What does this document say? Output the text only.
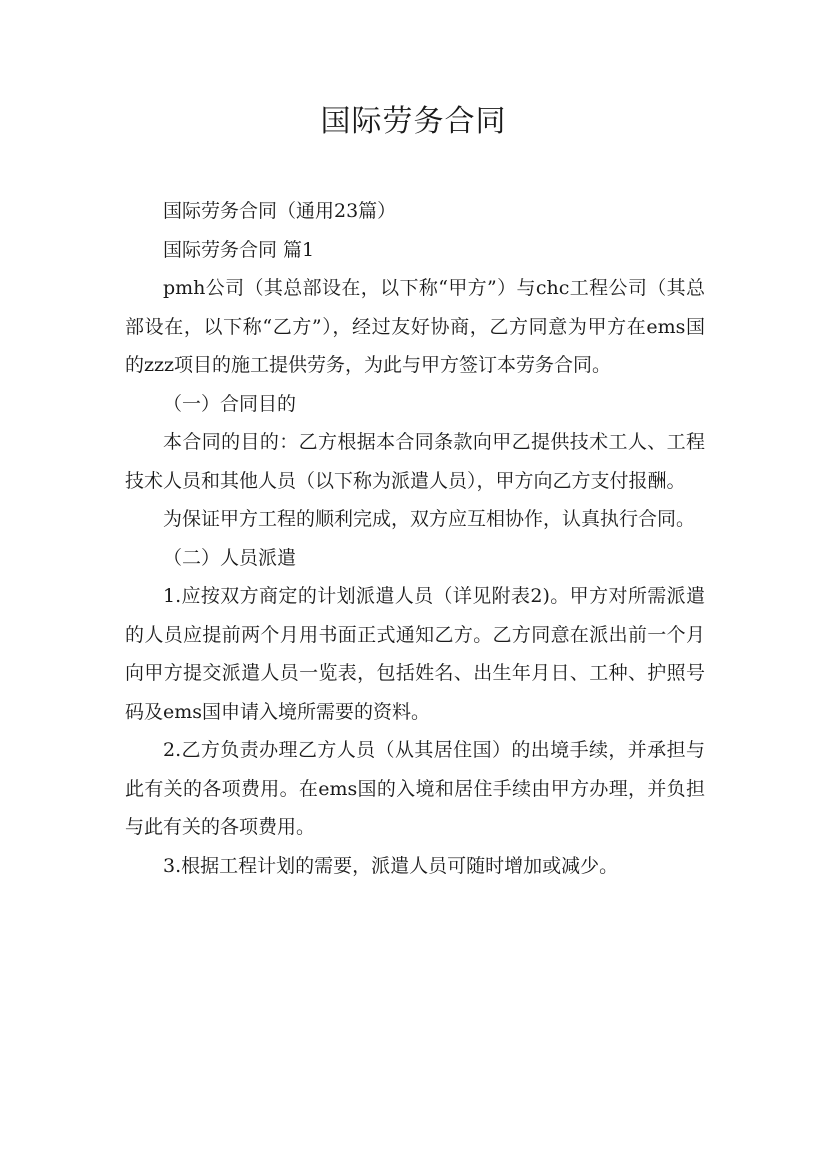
国际劳务合同

国际劳务合同（通用23篇）

国际劳务合同 篇1

pmh公司（其总部设在，以下称“甲方”）与chc工程公司（其总部设在，以下称“乙方”），经过友好协商，乙方同意为甲方在ems国的zzz项目的施工提供劳务，为此与甲方签订本劳务合同。

（一）合同目的

本合同的目的：乙方根据本合同条款向甲乙提供技术工人、工程技术人员和其他人员（以下称为派遣人员），甲方向乙方支付报酬。

为保证甲方工程的顺利完成，双方应互相协作，认真执行合同。

（二）人员派遣

1.应按双方商定的计划派遣人员（详见附表2)。甲方对所需派遣的人员应提前两个月用书面正式通知乙方。乙方同意在派出前一个月向甲方提交派遣人员一览表，包括姓名、出生年月日、工种、护照号码及ems国申请入境所需要的资料。

2.乙方负责办理乙方人员（从其居住国）的出境手续，并承担与此有关的各项费用。在ems国的入境和居住手续由甲方办理，并负担与此有关的各项费用。

3.根据工程计划的需要，派遣人员可随时增加或减少。
